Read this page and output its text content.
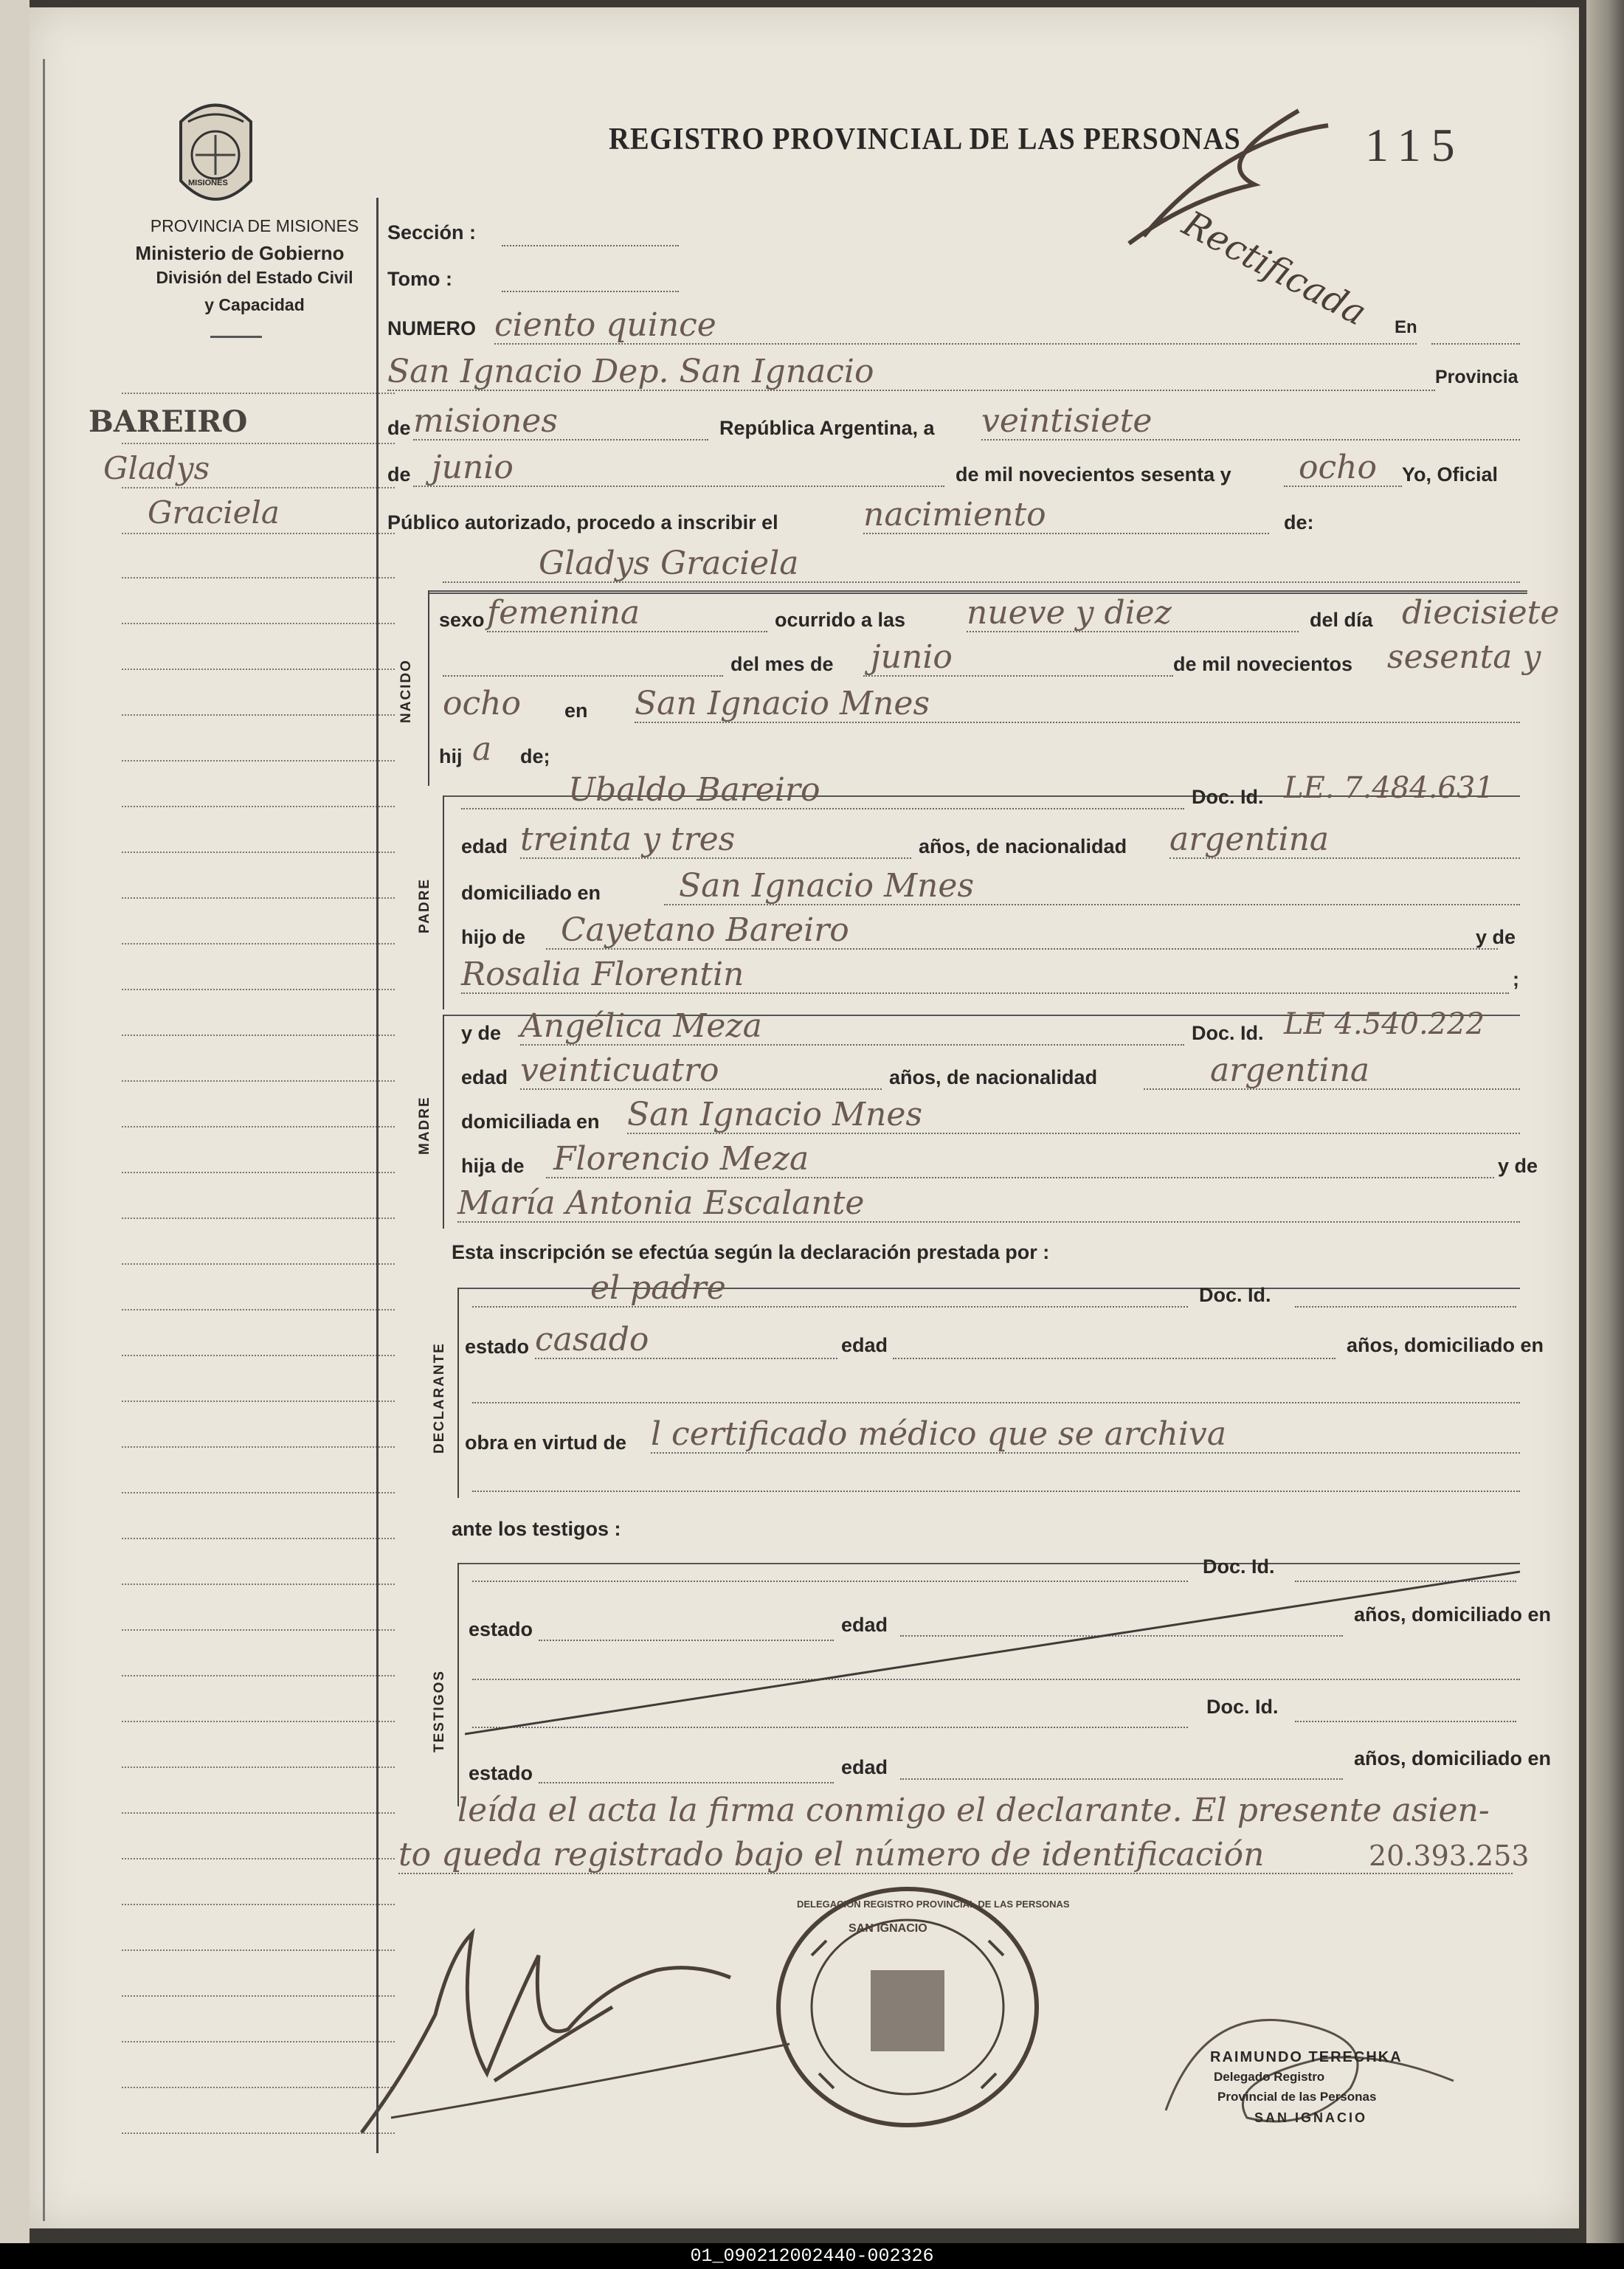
MISIONES
PROVINCIA DE MISIONES
Ministerio de Gobierno
División del Estado Civil
y Capacidad
BAREIRO
Gladys
Graciela
REGISTRO PROVINCIAL DE LAS PERSONAS	115
Rectificada
Sección :
Tomo :
NUMERO ciento quince	En
San Ignacio Dep. San Ignacio	Provincia
de misiones	República Argentina, a veintisiete
de junio	de mil novecientos sesenta y ocho Yo, Oficial
Público autorizado, procedo a inscribir el	nacimiento	de:
Gladys Graciela
NACIDO
sexo femenina	ocurrido a las nueve y diez	del día diecisiete
del mes de junio	de mil novecientos sesenta y
ocho en San Ignacio Mnes
hij a de;
PADRE
Ubaldo Bareiro	Doc. Id. LE. 7.484.631
edad treinta y tres	años, de nacionalidad argentina
domiciliado en San Ignacio Mnes
hijo de Cayetano Bareiro	y de
Rosalia Florentin	;
MADRE
y de Angélica Meza	Doc. Id. LE 4.540.222
edad veinticuatro	años, de nacionalidad	argentina
domiciliada en San Ignacio Mnes
hija de Florencio Meza	y de
María Antonia Escalante
Esta inscripción se efectúa según la declaración prestada por :
DECLARANTE
el padre	Doc. Id.
estado casado	edad	años, domiciliado en
obra en virtud de l certificado médico que se archiva
ante los testigos :
TESTIGOS
Doc. Id.
estado	edad	años, domiciliado en
Doc. Id.
estado	edad	años, domiciliado en
leída el acta la firma conmigo el declarante. El presente asien-
to queda registrado bajo el número de identificación	20.393.253
SAN IGNACIO
DELEGACION REGISTRO PROVINCIAL DE LAS PERSONAS
RAIMUNDO TERECHKA
Delegado Registro
Provincial de las Personas
SAN IGNACIO
01_090212002440-002326
